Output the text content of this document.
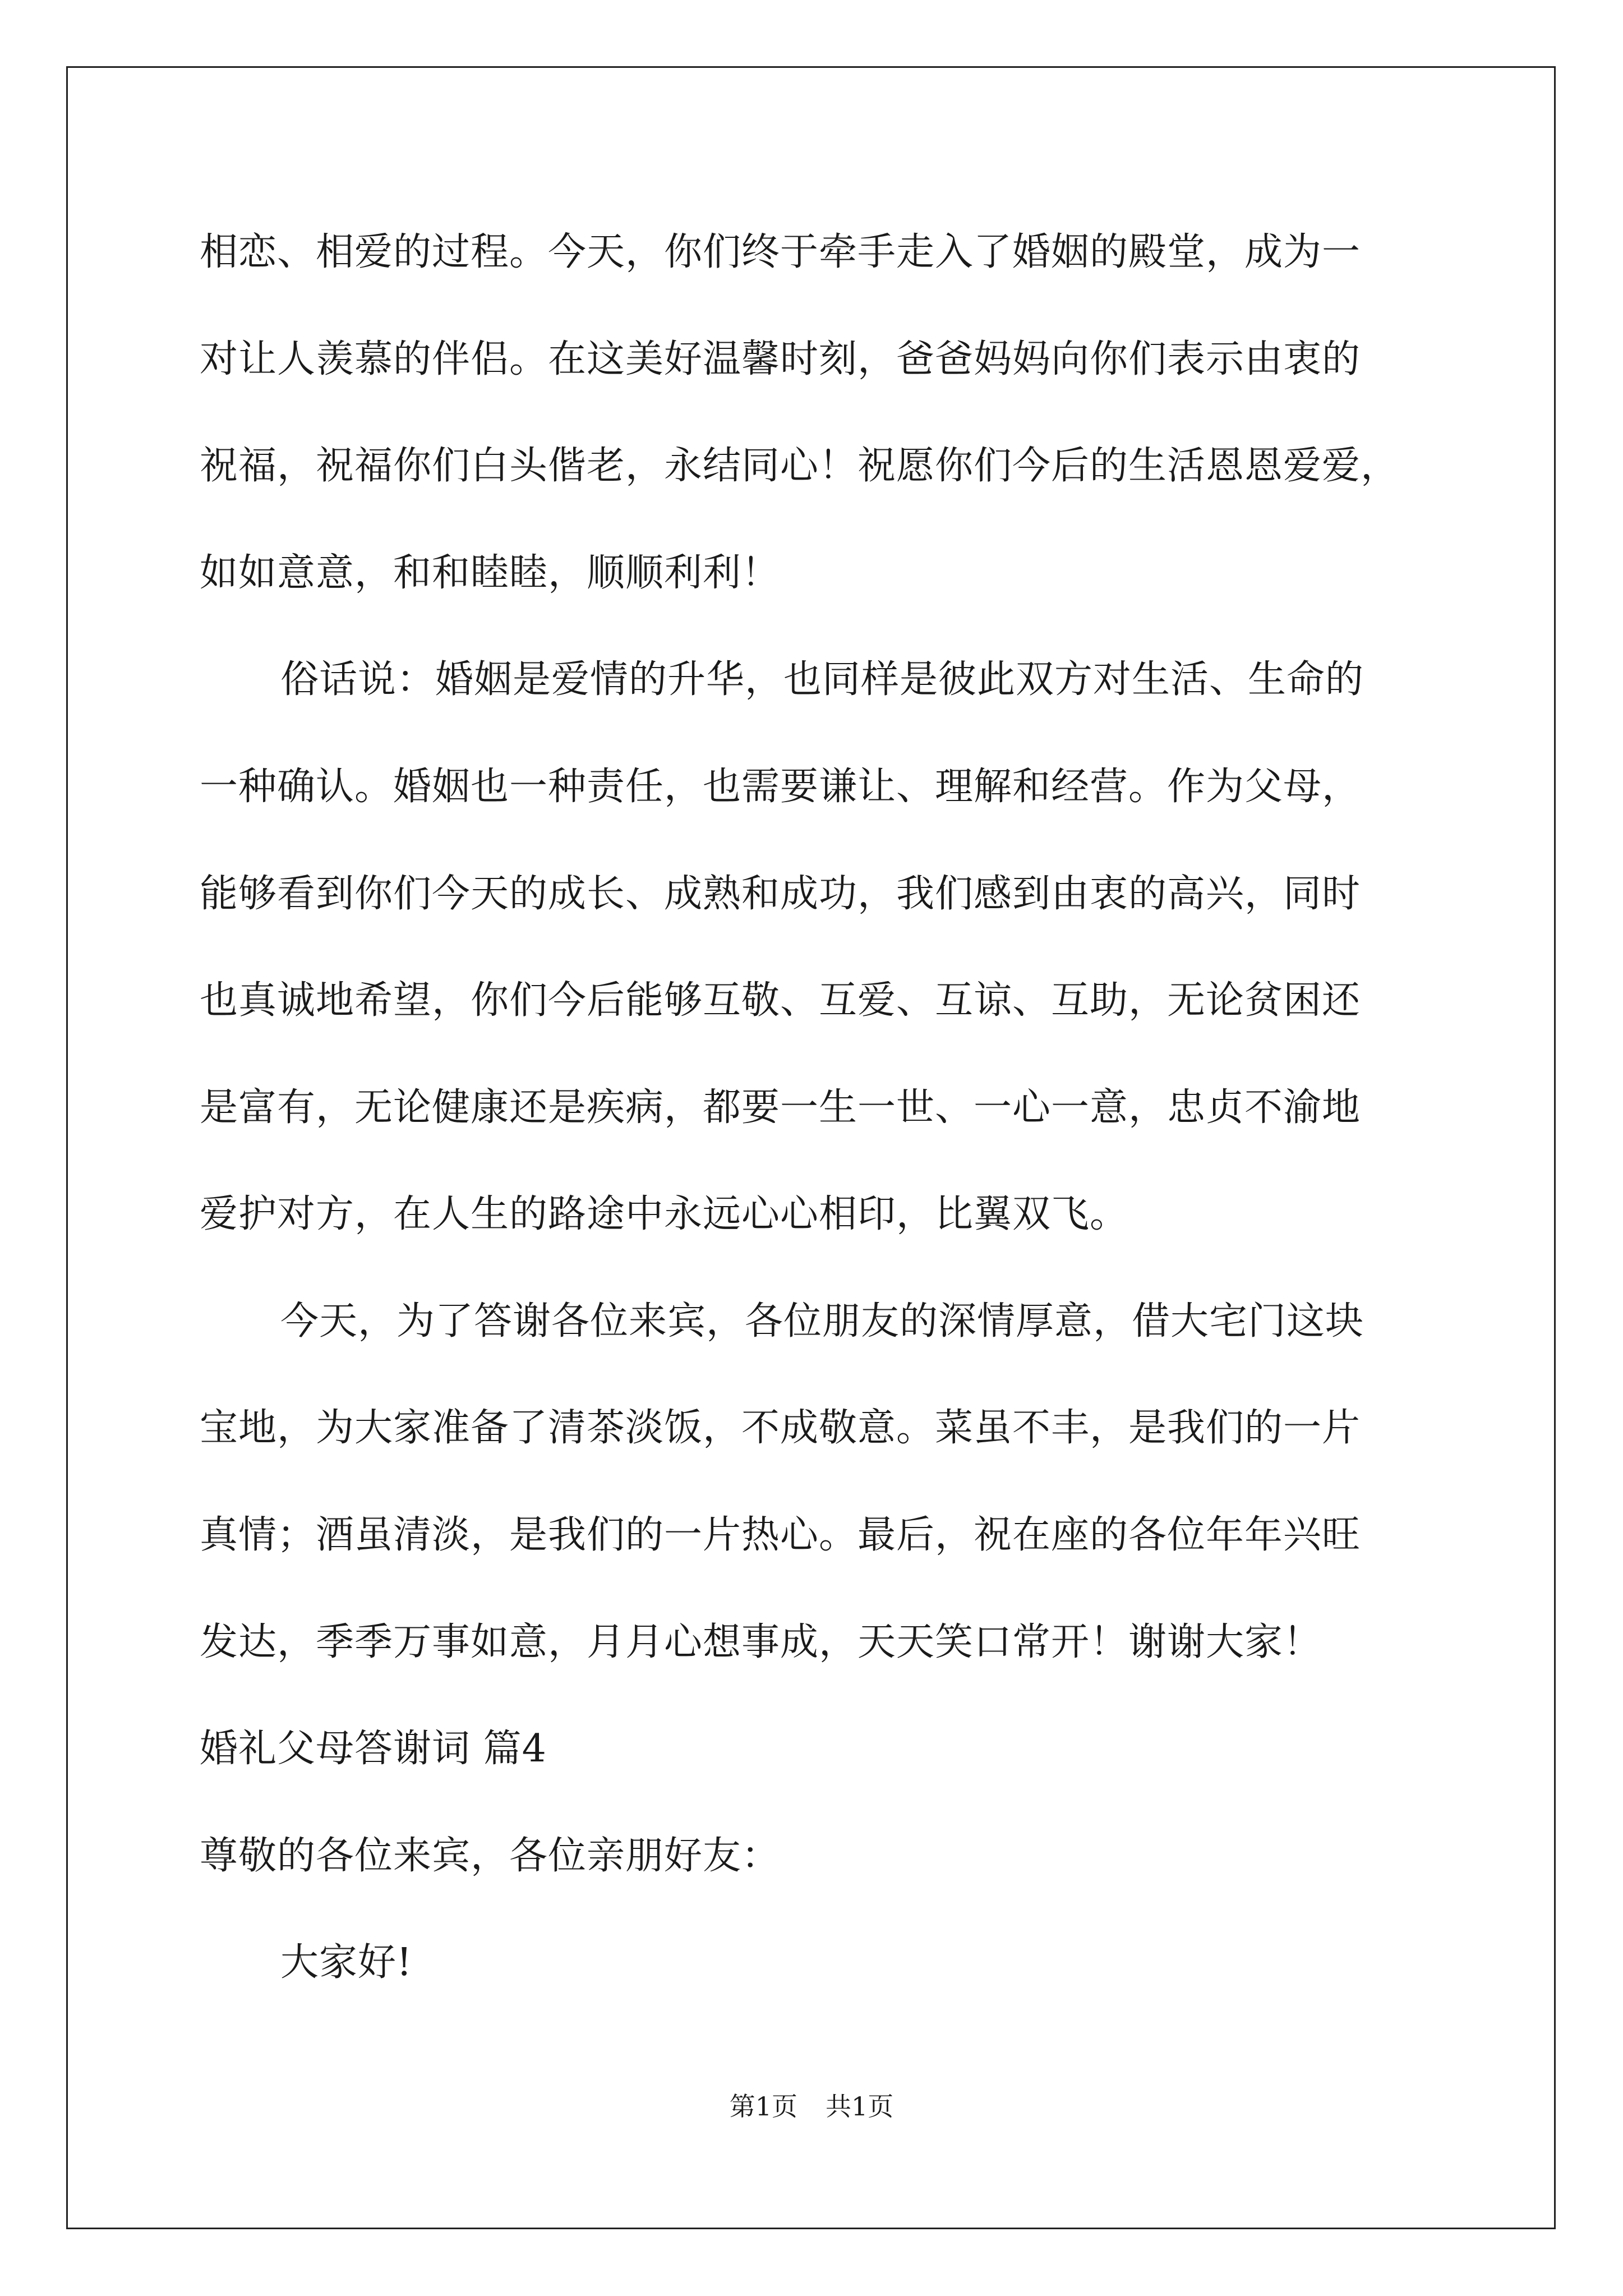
相恋、相爱的过程。今天，你们终于牵手走入了婚姻的殿堂，成为一
对让人羡慕的伴侣。在这美好温馨时刻，爸爸妈妈向你们表示由衷的
祝福，祝福你们白头偕老，永结同心！祝愿你们今后的生活恩恩爱爱，
如如意意，和和睦睦，顺顺利利！
俗话说：婚姻是爱情的升华，也同样是彼此双方对生活、生命的
一种确认。婚姻也一种责任，也需要谦让、理解和经营。作为父母，
能够看到你们今天的成长、成熟和成功，我们感到由衷的高兴，同时
也真诚地希望，你们今后能够互敬、互爱、互谅、互助，无论贫困还
是富有，无论健康还是疾病，都要一生一世、一心一意，忠贞不渝地
爱护对方，在人生的路途中永远心心相印，比翼双飞。
今天，为了答谢各位来宾，各位朋友的深情厚意，借大宅门这块
宝地，为大家准备了清茶淡饭，不成敬意。菜虽不丰，是我们的一片
真情；酒虽清淡，是我们的一片热心。最后，祝在座的各位年年兴旺
发达，季季万事如意，月月心想事成，天天笑口常开！谢谢大家！
婚礼父母答谢词 篇4
尊敬的各位来宾，各位亲朋好友：
大家好!
第1页 共1页
